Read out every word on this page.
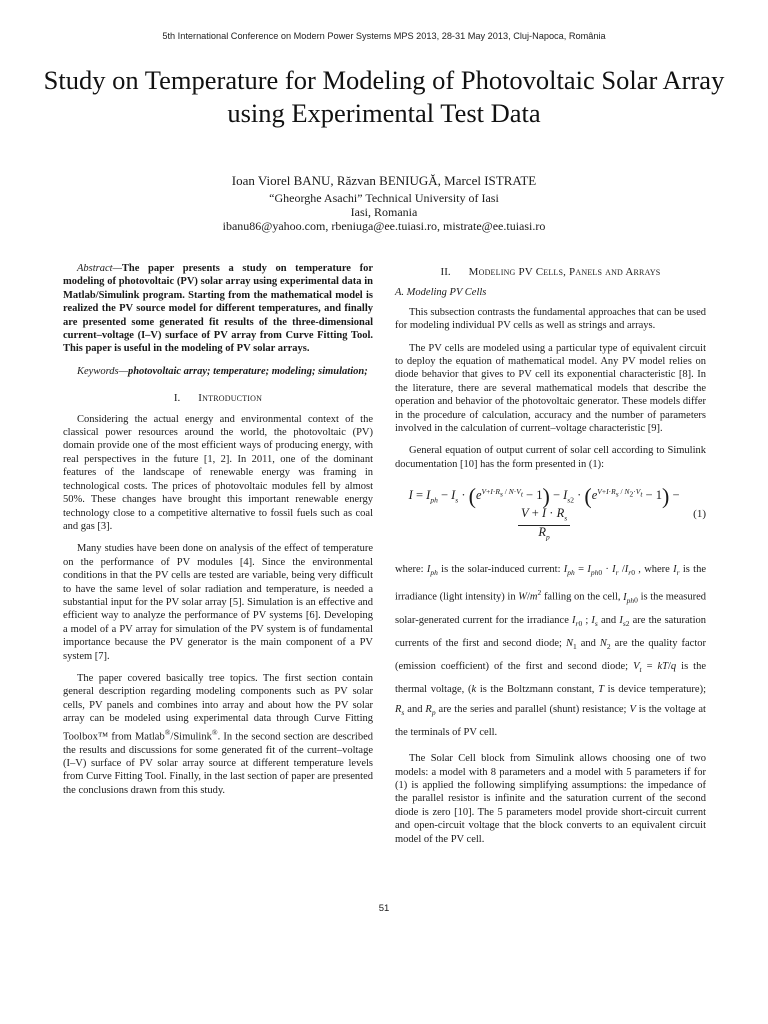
5th International Conference on Modern Power Systems MPS 2013, 28-31 May 2013, Cluj-Napoca, România
Study on Temperature for Modeling of Photovoltaic Solar Array using Experimental Test Data
Ioan Viorel BANU, Răzvan BENIUGĂ, Marcel ISTRATE
“Gheorghe Asachi” Technical University of Iasi
Iasi, Romania
ibanu86@yahoo.com, rbeniuga@ee.tuiasi.ro, mistrate@ee.tuiasi.ro

Abstract—The paper presents a study on temperature for modeling of photovoltaic (PV) solar array using experimental data in Matlab/Simulink program. Starting from the mathematical model is realized the PV source model for different temperatures, and finally are presented some generated fit results of the three-dimensional current–voltage (I–V) surface of PV array from Curve Fitting Tool. This paper is useful in the modeling of PV solar arrays.

Keywords—photovoltaic array; temperature; modeling; simulation;

I. Introduction

Considering the actual energy and environmental context of the classical power resources around the world, the photovoltaic (PV) domain provide one of the most efficient ways of producing energy, with real perspectives in the future [1, 2]. In 2011, one of the dominant features of the landscape of renewable energy was framing in technological costs. The prices of photovoltaic modules fell by almost 50%. These changes have brought this important renewable energy technology close to a competitive alternative to fossil fuels such as coal and gas [3].

Many studies have been done on analysis of the effect of temperature on the performance of PV modules [4]. Since the environmental conditions in that the PV cells are tested are variable, being very difficult to have the same level of solar radiation and temperature, is needed a substantial input for the PV solar array [5]. Simulation is an effective and efficient way to analyze the performance of PV systems [6]. Developing a model of a PV array for simulation of the PV system is of fundamental importance because the PV generator is the main component of a PV system [7].

The paper covered basically tree topics. The first section contain general description regarding modeling components such as PV solar cells, PV panels and combines into array and about how the PV solar array can be modeled using experimental data through Curve Fitting Toolbox™ from Matlab®/Simulink®. In the second section are described the results and discussions for some generated fit of the current–voltage (I–V) surface of PV solar array source at different temperature levels from Curve Fitting Tool. Finally, in the last section of paper are presented the conclusions drawn from this study.

II. Modeling PV Cells, Panels and Arrays
A. Modeling PV Cells

This subsection contrasts the fundamental approaches that can be used for modeling individual PV cells as well as strings and arrays.

The PV cells are modeled using a particular type of equivalent circuit to deploy the equation of mathematical model. Any PV model relies on diode behavior that gives to PV cell its exponential characteristic [8]. In the literature, there are several mathematical models that describe the operation and behavior of the photovoltaic generator. These models differ in the procedure of calculation, accuracy and the number of parameters involved in the calculation of current–voltage characteristic [9].

General equation of output current of solar cell according to Simulink documentation [10] has the form presented in (1):

$I = I_{ph} - I_s \cdot (e^{V+I\cdot R_s / N\cdot V_t} - 1) - I_{s2} \cdot (e^{V+I\cdot R_s / N_2\cdot V_t} - 1)$ −
$\frac{V + I \cdot R_s}{R_p}$	(1)

where: $I_{ph}$ is the solar-induced current: $I_{ph} = I_{ph0} \cdot I_r$ $/I_{r0}$ , where $I_r$ is the irradiance (light intensity) in $W/m^2$ falling on the cell, $I_{ph0}$ is the measured solar-generated current for the irradiance $I_{r0}$ ; $I_s$ and $I_{s2}$ are the saturation currents of the first and second diode; $N_1$ and $N_2$ are the quality factor (emission coefficient) of the first and second diode; $V_t = kT/q$ is the thermal voltage, (k is the Boltzmann constant, T is device temperature); $R_s$ and $R_p$ are the series and parallel (shunt) resistance; V is the voltage at the terminals of PV cell.

The Solar Cell block from Simulink allows choosing one of two models: a model with 8 parameters and a model with 5 parameters if for (1) is applied the following simplifying assumptions: the impedance of the parallel resistor is infinite and the saturation current of the second diode is zero [10]. The 5 parameters model provide short-circuit current and open-circuit voltage that the block converts to an equivalent circuit model of the PV cell.

51
